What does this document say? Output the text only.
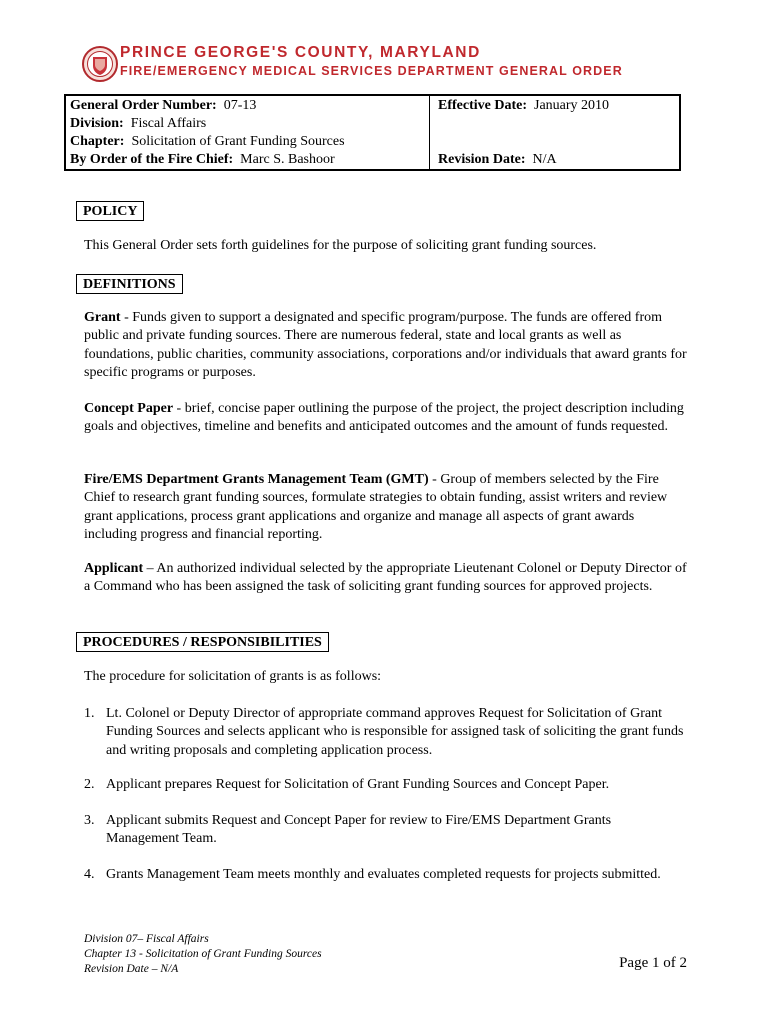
PRINCE GEORGE'S COUNTY, MARYLAND
FIRE/EMERGENCY MEDICAL SERVICES DEPARTMENT GENERAL ORDER
General Order Number: 07-13
Division: Fiscal Affairs
Chapter: Solicitation of Grant Funding Sources
By Order of the Fire Chief: Marc S. Bashoor
Effective Date: January 2010
Revision Date: N/A
POLICY
This General Order sets forth guidelines for the purpose of soliciting grant funding sources.
DEFINITIONS
Grant - Funds given to support a designated and specific program/purpose. The funds are offered from public and private funding sources. There are numerous federal, state and local grants as well as foundations, public charities, community associations, corporations and/or individuals that award grants for specific programs or purposes.
Concept Paper - brief, concise paper outlining the purpose of the project, the project description including goals and objectives, timeline and benefits and anticipated outcomes and the amount of funds requested.
Fire/EMS Department Grants Management Team (GMT) - Group of members selected by the Fire Chief to research grant funding sources, formulate strategies to obtain funding, assist writers and review grant applications, process grant applications and organize and manage all aspects of grant awards including progress and financial reporting.
Applicant – An authorized individual selected by the appropriate Lieutenant Colonel or Deputy Director of a Command who has been assigned the task of soliciting grant funding sources for approved projects.
PROCEDURES / RESPONSIBILITIES
The procedure for solicitation of grants is as follows:
1. Lt. Colonel or Deputy Director of appropriate command approves Request for Solicitation of Grant Funding Sources and selects applicant who is responsible for assigned task of soliciting the grant funds and writing proposals and completing application process.
2. Applicant prepares Request for Solicitation of Grant Funding Sources and Concept Paper.
3. Applicant submits Request and Concept Paper for review to Fire/EMS Department Grants Management Team.
4. Grants Management Team meets monthly and evaluates completed requests for projects submitted.
Division 07– Fiscal Affairs
Chapter 13 - Solicitation of Grant Funding Sources
Revision Date – N/A	Page 1 of 2
